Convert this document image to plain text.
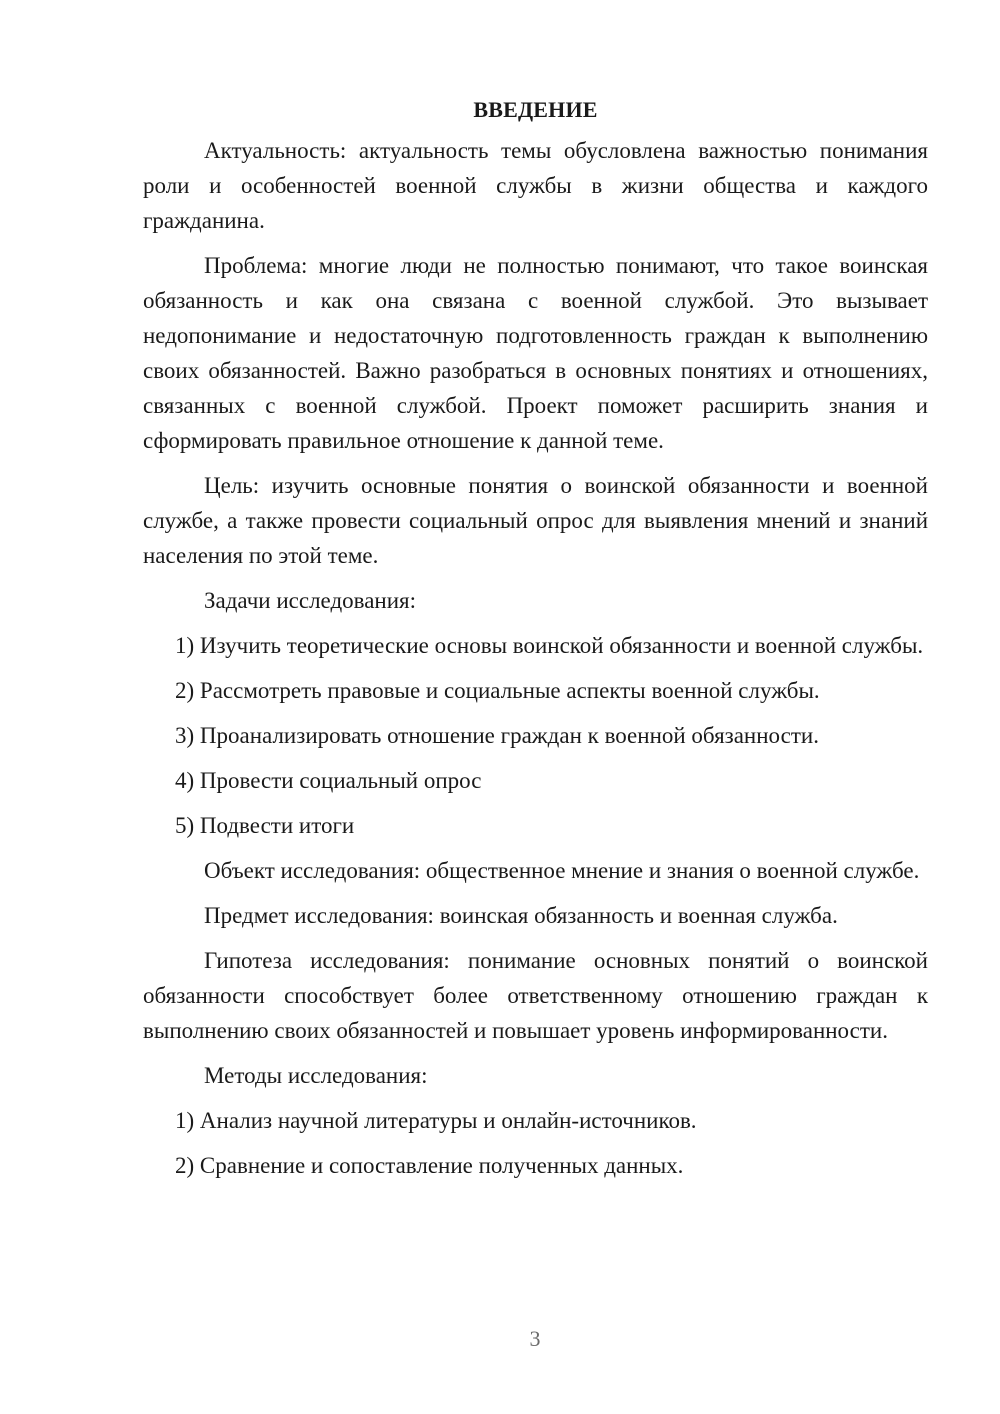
ВВЕДЕНИЕ
Актуальность: актуальность темы обусловлена важностью понимания роли и особенностей военной службы в жизни общества и каждого гражданина.
Проблема: многие люди не полностью понимают, что такое воинская обязанность и как она связана с военной службой. Это вызывает недопонимание и недостаточную подготовленность граждан к выполнению своих обязанностей. Важно разобраться в основных понятиях и отношениях, связанных с военной службой. Проект поможет расширить знания и сформировать правильное отношение к данной теме.
Цель: изучить основные понятия о воинской обязанности и военной службе, а также провести социальный опрос для выявления мнений и знаний населения по этой теме.
Задачи исследования:
1) Изучить теоретические основы воинской обязанности и военной службы.
2) Рассмотреть правовые и социальные аспекты военной службы.
3) Проанализировать отношение граждан к военной обязанности.
4) Провести социальный опрос
5) Подвести итоги
Объект исследования: общественное мнение и знания о военной службе.
Предмет исследования: воинская обязанность и военная служба.
Гипотеза исследования: понимание основных понятий о воинской обязанности способствует более ответственному отношению граждан к выполнению своих обязанностей и повышает уровень информированности.
Методы исследования:
1) Анализ научной литературы и онлайн-источников.
2) Сравнение и сопоставление полученных данных.
3
